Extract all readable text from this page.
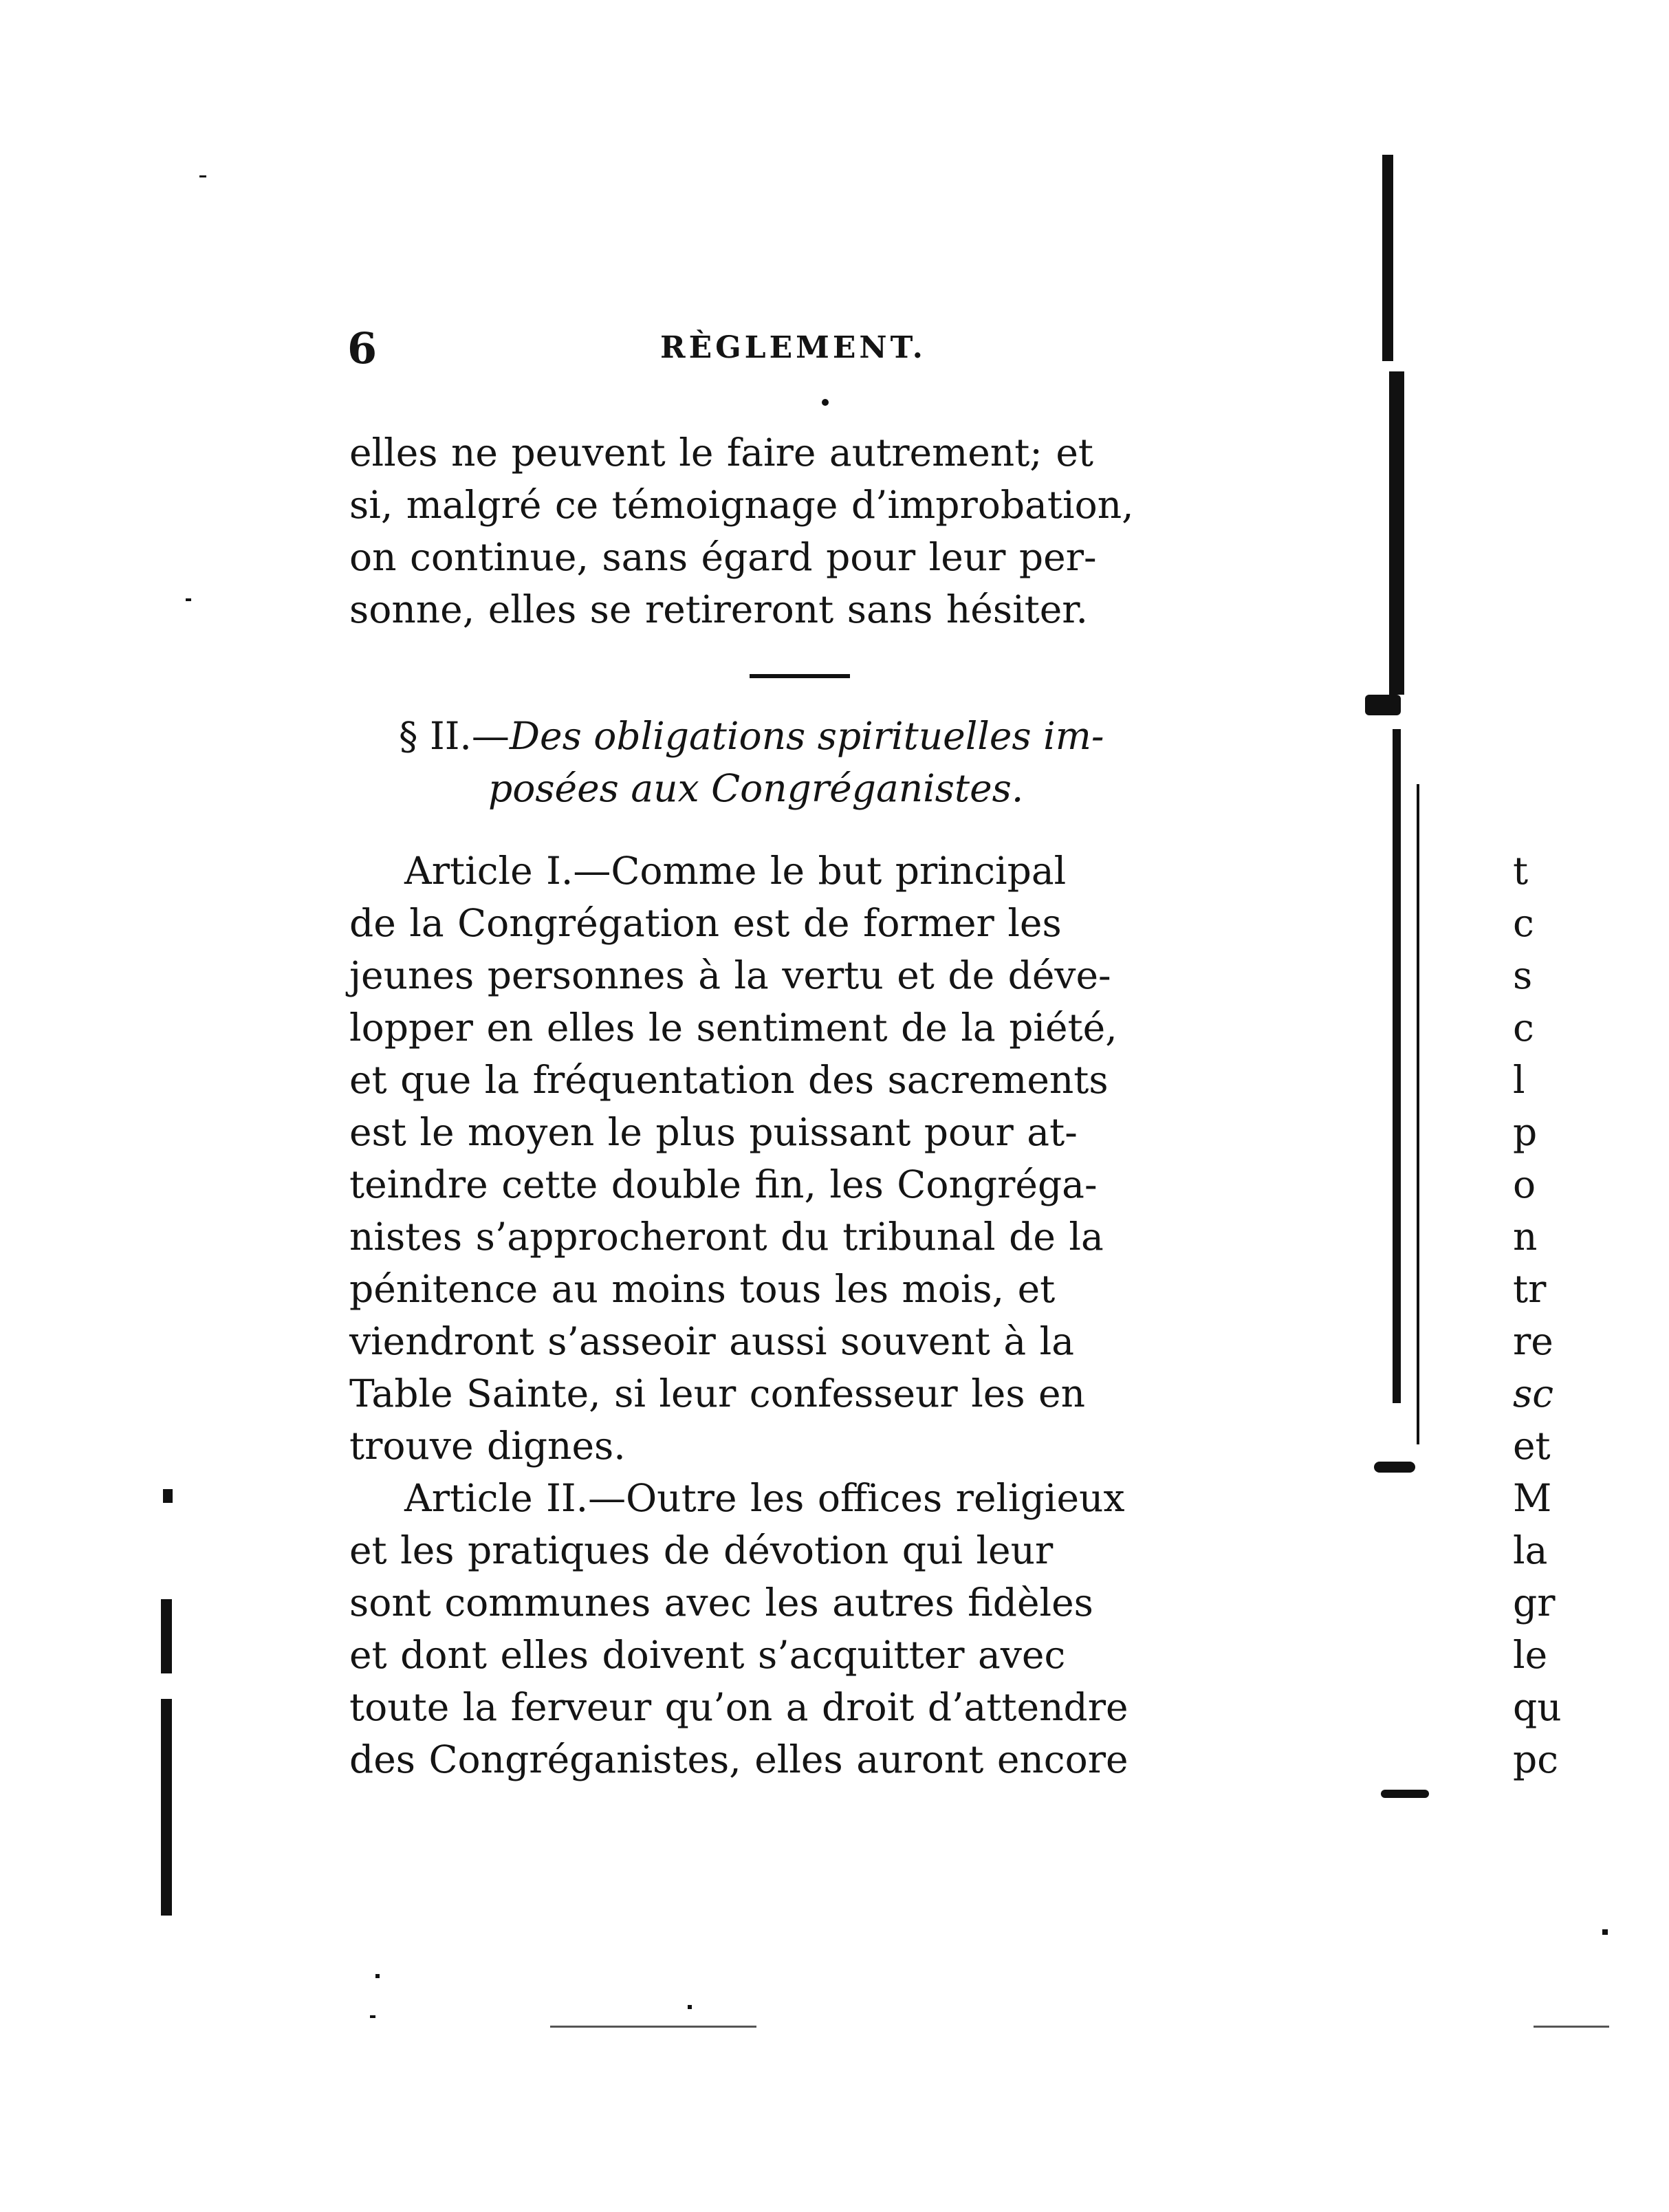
6	RÈGLEMENT.
elles ne peuvent le faire autrement; et
si, malgré ce témoignage d’improbation,
on continue, sans égard pour leur per-
sonne, elles se retireront sans hésiter.
§ II.—Des obligations spirituelles im-
posées aux Congréganistes.
Article I.—Comme le but principal
de la Congrégation est de former les
jeunes personnes à la vertu et de déve-
lopper en elles le sentiment de la piété,
et que la fréquentation des sacrements
est le moyen le plus puissant pour at-
teindre cette double fin, les Congréga-
nistes s’approcheront du tribunal de la
pénitence au moins tous les mois, et
viendront s’asseoir aussi souvent à la
Table Sainte, si leur confesseur les en
trouve dignes.
Article II.—Outre les offices religieux
et les pratiques de dévotion qui leur
sont communes avec les autres fidèles
et dont elles doivent s’acquitter avec
toute la ferveur qu’on a droit d’attendre
des Congréganistes, elles auront encore
t
c
s
c
l
p
o
n
tr
re
sc
et
M
la
gr
le
qu
pc
